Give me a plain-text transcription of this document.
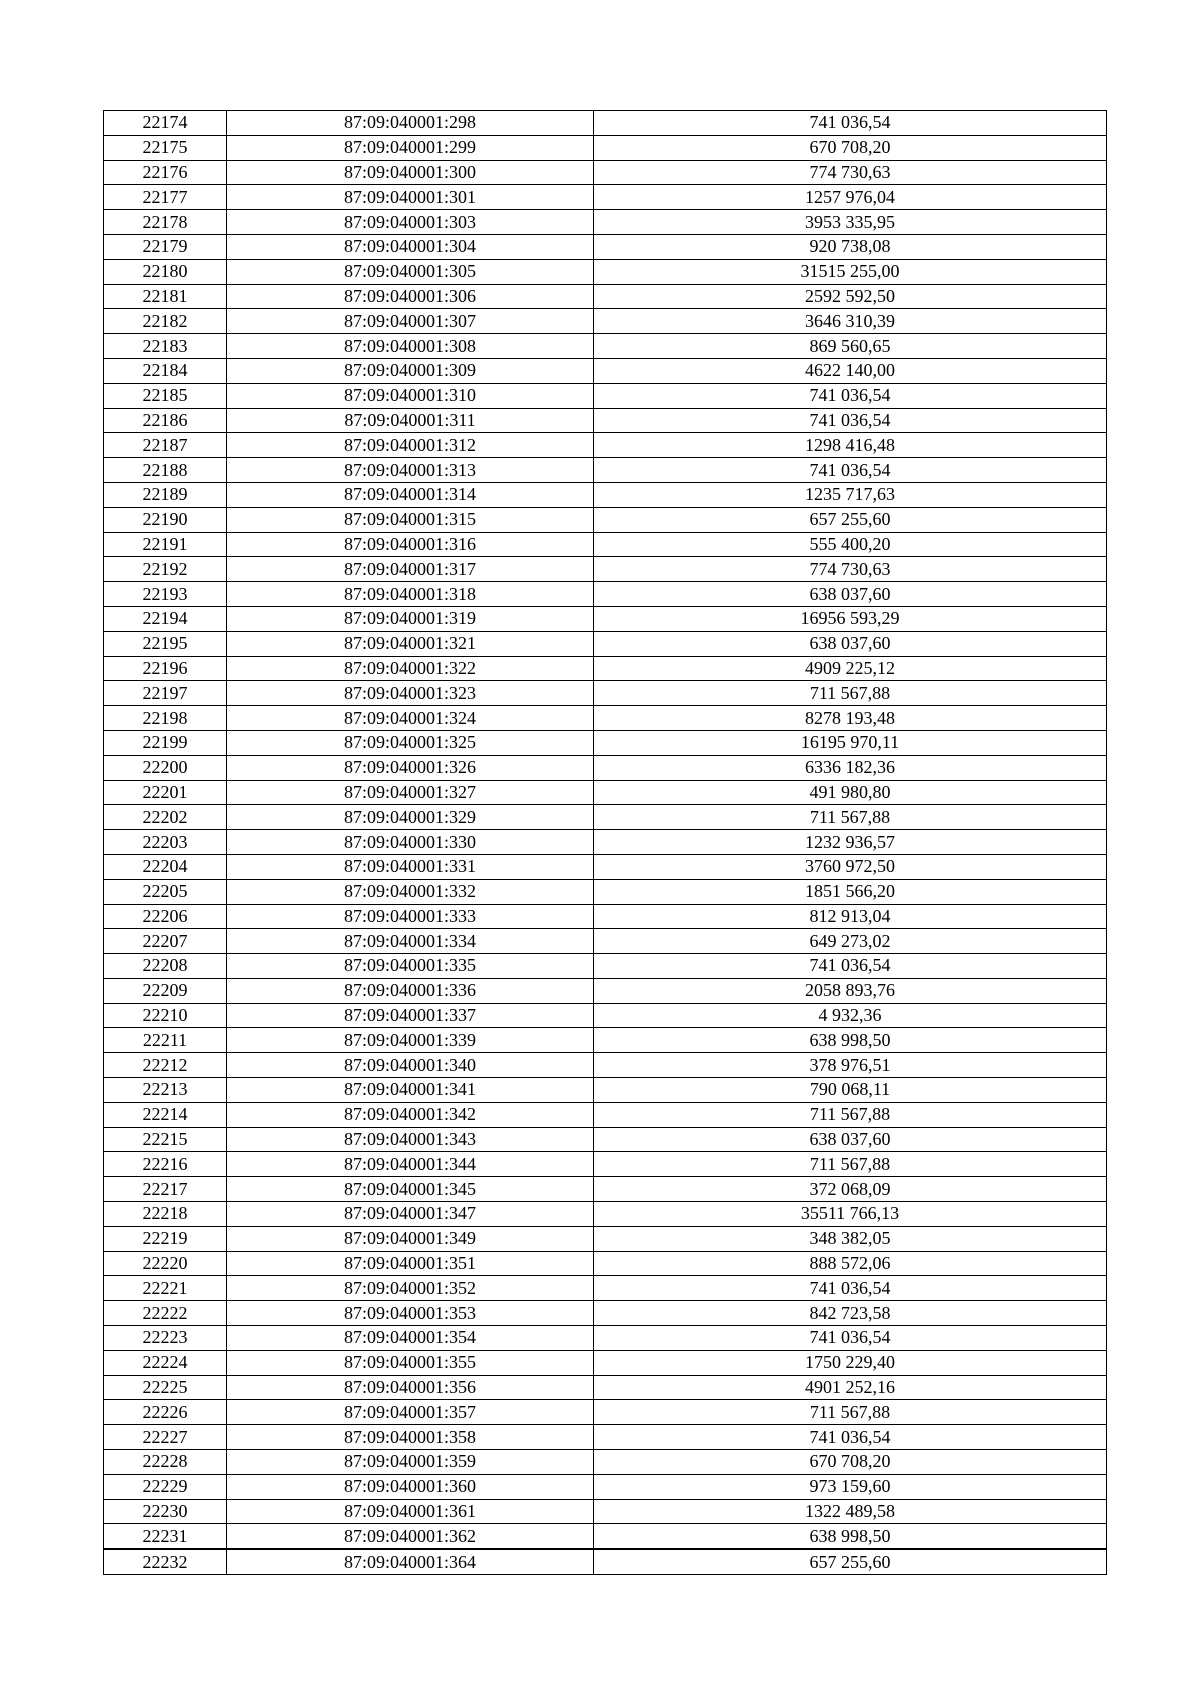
22174	87:09:040001:298	741 036,54
22175	87:09:040001:299	670 708,20
22176	87:09:040001:300	774 730,63
22177	87:09:040001:301	1257 976,04
22178	87:09:040001:303	3953 335,95
22179	87:09:040001:304	920 738,08
22180	87:09:040001:305	31515 255,00
22181	87:09:040001:306	2592 592,50
22182	87:09:040001:307	3646 310,39
22183	87:09:040001:308	869 560,65
22184	87:09:040001:309	4622 140,00
22185	87:09:040001:310	741 036,54
22186	87:09:040001:311	741 036,54
22187	87:09:040001:312	1298 416,48
22188	87:09:040001:313	741 036,54
22189	87:09:040001:314	1235 717,63
22190	87:09:040001:315	657 255,60
22191	87:09:040001:316	555 400,20
22192	87:09:040001:317	774 730,63
22193	87:09:040001:318	638 037,60
22194	87:09:040001:319	16956 593,29
22195	87:09:040001:321	638 037,60
22196	87:09:040001:322	4909 225,12
22197	87:09:040001:323	711 567,88
22198	87:09:040001:324	8278 193,48
22199	87:09:040001:325	16195 970,11
22200	87:09:040001:326	6336 182,36
22201	87:09:040001:327	491 980,80
22202	87:09:040001:329	711 567,88
22203	87:09:040001:330	1232 936,57
22204	87:09:040001:331	3760 972,50
22205	87:09:040001:332	1851 566,20
22206	87:09:040001:333	812 913,04
22207	87:09:040001:334	649 273,02
22208	87:09:040001:335	741 036,54
22209	87:09:040001:336	2058 893,76
22210	87:09:040001:337	4 932,36
22211	87:09:040001:339	638 998,50
22212	87:09:040001:340	378 976,51
22213	87:09:040001:341	790 068,11
22214	87:09:040001:342	711 567,88
22215	87:09:040001:343	638 037,60
22216	87:09:040001:344	711 567,88
22217	87:09:040001:345	372 068,09
22218	87:09:040001:347	35511 766,13
22219	87:09:040001:349	348 382,05
22220	87:09:040001:351	888 572,06
22221	87:09:040001:352	741 036,54
22222	87:09:040001:353	842 723,58
22223	87:09:040001:354	741 036,54
22224	87:09:040001:355	1750 229,40
22225	87:09:040001:356	4901 252,16
22226	87:09:040001:357	711 567,88
22227	87:09:040001:358	741 036,54
22228	87:09:040001:359	670 708,20
22229	87:09:040001:360	973 159,60
22230	87:09:040001:361	1322 489,58
22231	87:09:040001:362	638 998,50
22232	87:09:040001:364	657 255,60
